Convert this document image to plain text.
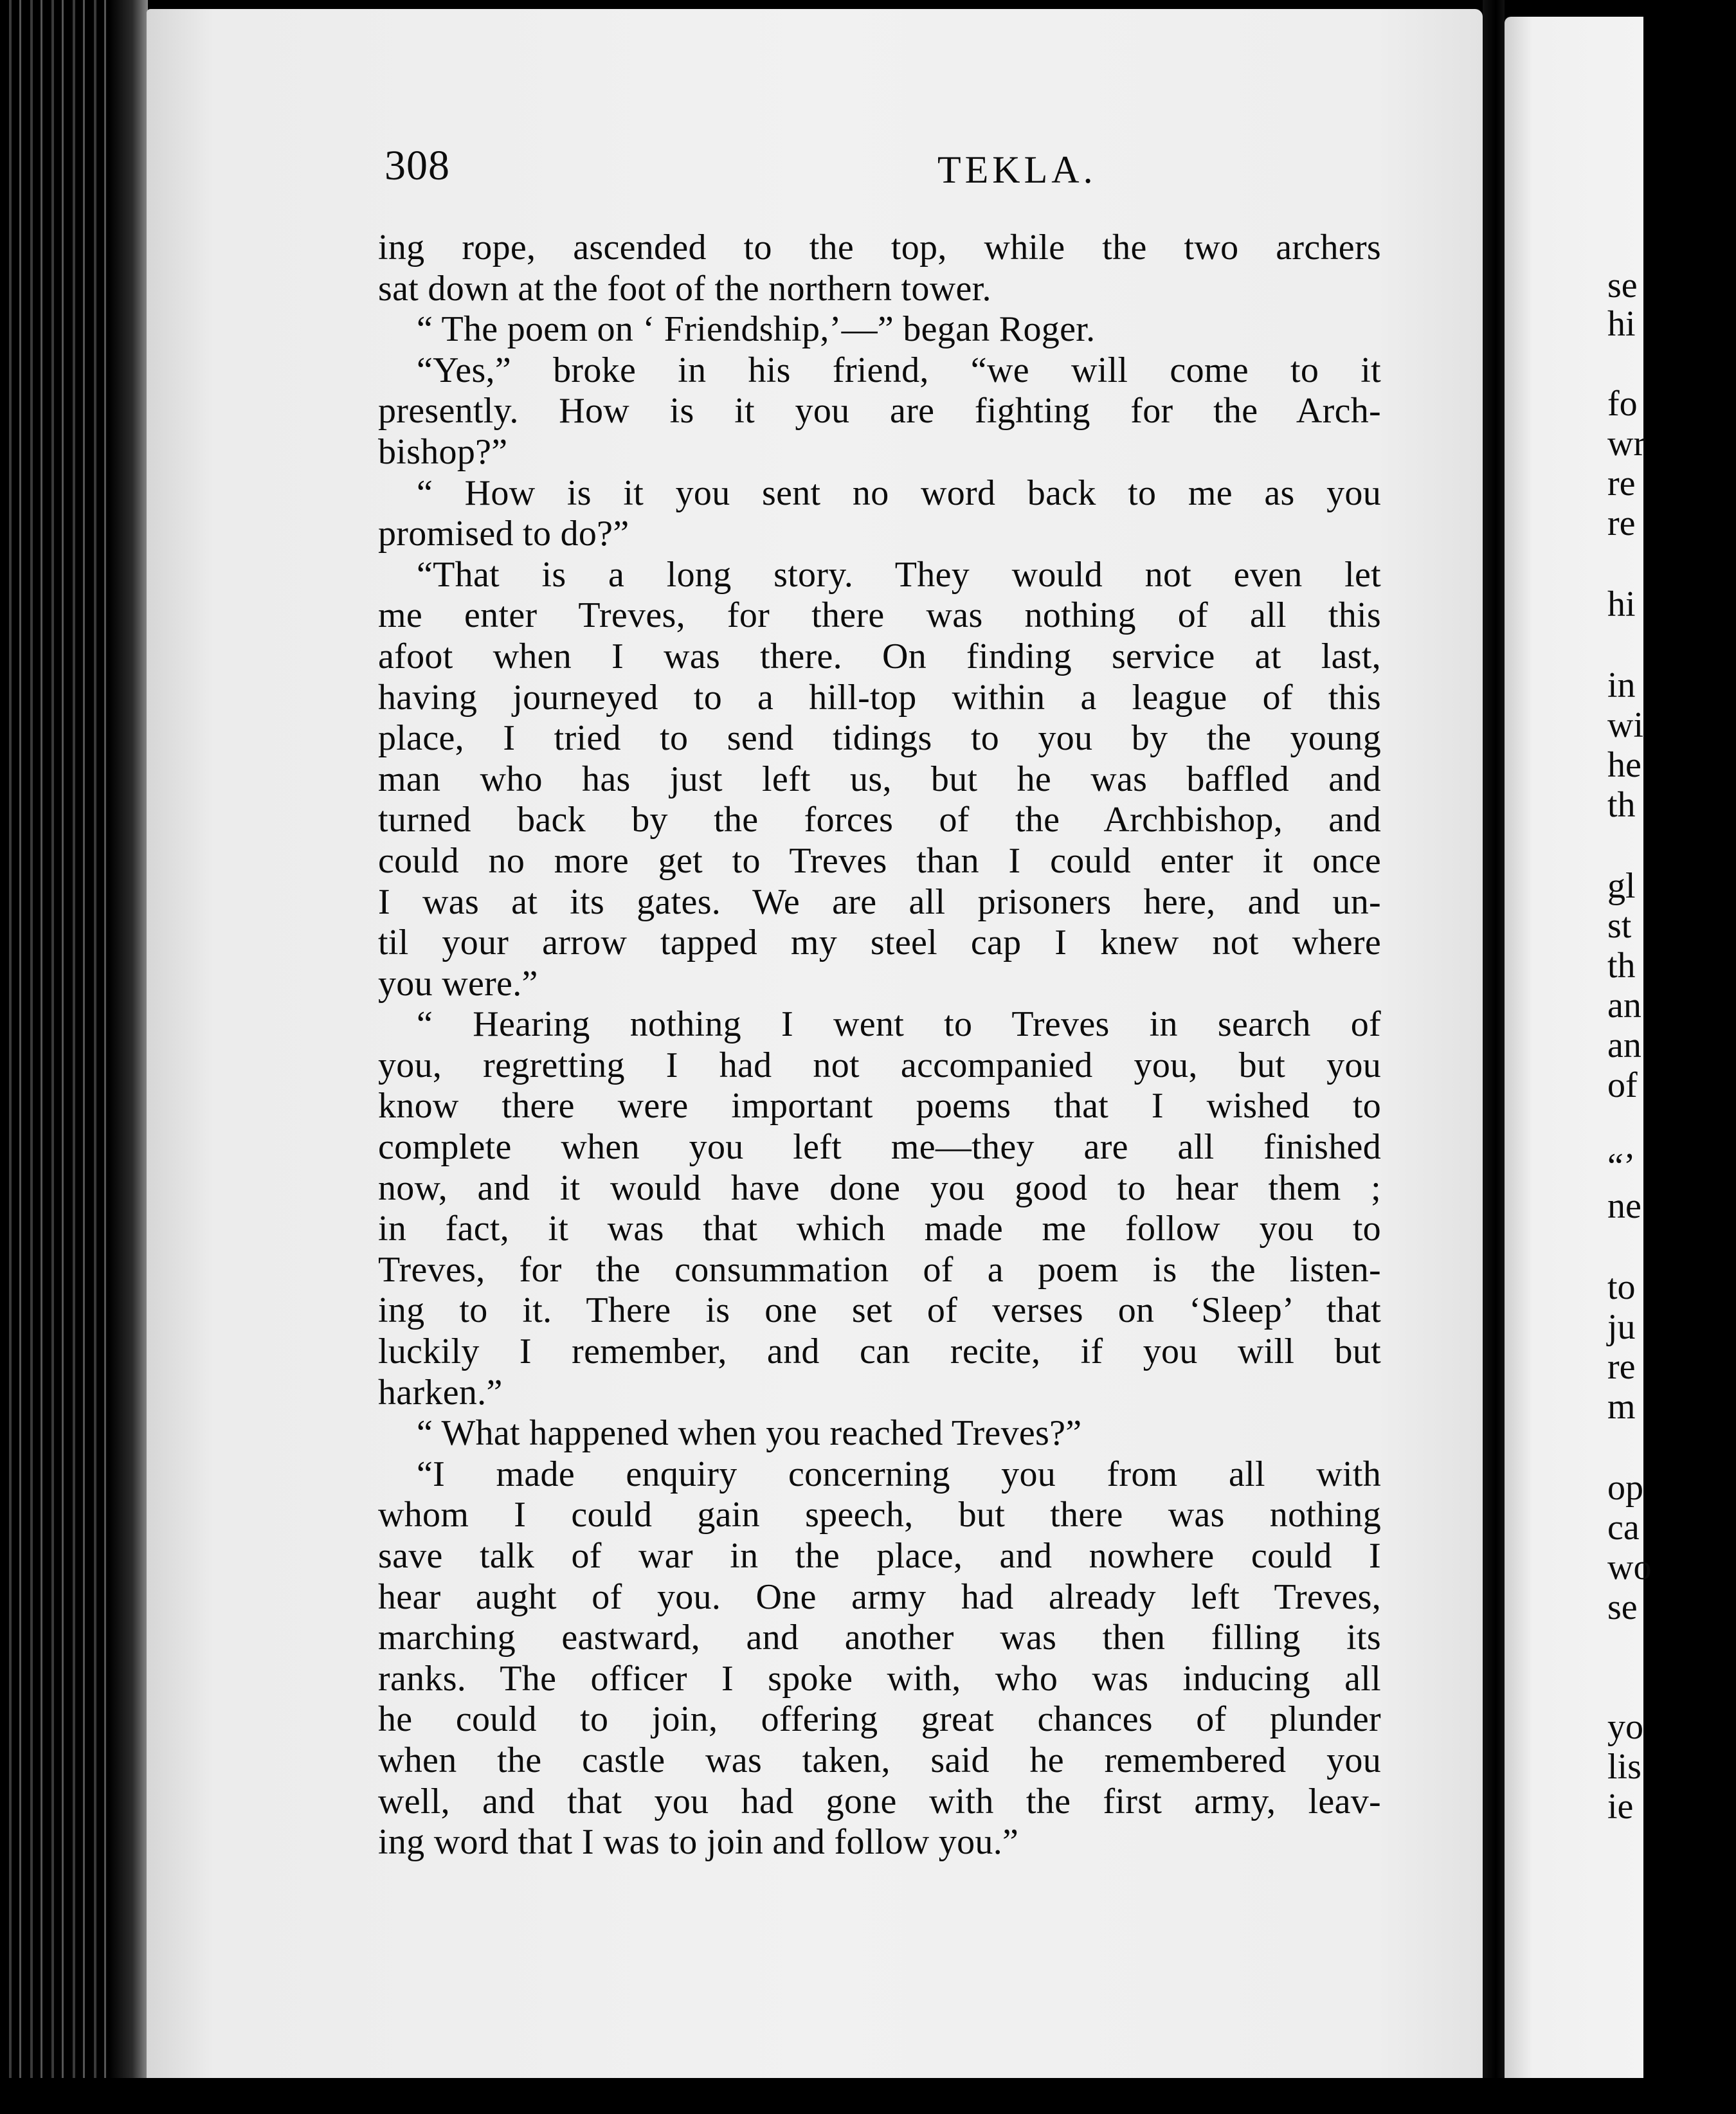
308	TEKLA.
ing rope, ascended to the top, while the two archers
sat down at the foot of the northern tower.
“ The poem on ‘ Friendship,’—” began Roger.
“Yes,” broke in his friend, “we will come to it
presently. How is it you are fighting for the Arch-
bishop?”
“ How is it you sent no word back to me as you
promised to do?”
“That is a long story. They would not even let
me enter Treves, for there was nothing of all this
afoot when I was there. On finding service at last,
having journeyed to a hill-top within a league of this
place, I tried to send tidings to you by the young
man who has just left us, but he was baffled and
turned back by the forces of the Archbishop, and
could no more get to Treves than I could enter it once
I was at its gates. We are all prisoners here, and un-
til your arrow tapped my steel cap I knew not where
you were.”
“ Hearing nothing I went to Treves in search of
you, regretting I had not accompanied you, but you
know there were important poems that I wished to
complete when you left me—they are all finished
now, and it would have done you good to hear them ;
in fact, it was that which made me follow you to
Treves, for the consummation of a poem is the listen-
ing to it. There is one set of verses on ‘Sleep’ that
luckily I remember, and can recite, if you will but
harken.”
“ What happened when you reached Treves?”
“I made enquiry concerning you from all with
whom I could gain speech, but there was nothing
save talk of war in the place, and nowhere could I
hear aught of you. One army had already left Treves,
marching eastward, and another was then filling its
ranks. The officer I spoke with, who was inducing all
he could to join, offering great chances of plunder
when the castle was taken, said he remembered you
well, and that you had gone with the first army, leav-
ing word that I was to join and follow you.”
se
hi
fo
wr
re
re
hi
in
wi
he
th
gl
st
th
an
an
of
“’
ne
to
ju
re
m
op
ca
wo
se
yo
lis
ie
